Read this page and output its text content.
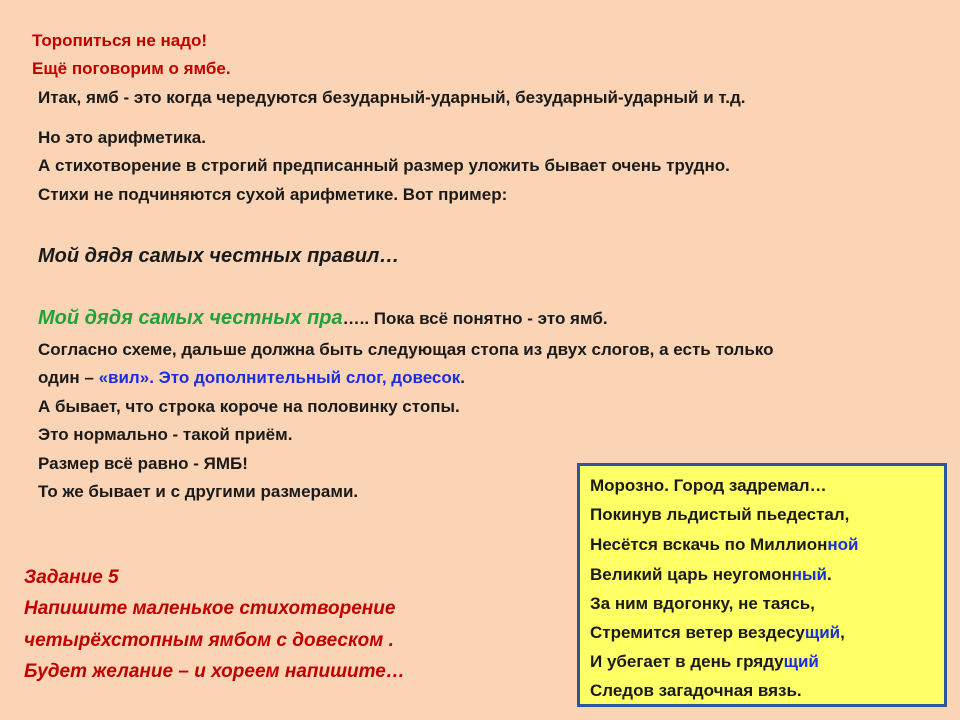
Торопиться не надо!
Ещё поговорим о ямбе.
Итак, ямб - это когда чередуются безударный-ударный, безударный-ударный и т.д.
Но это арифметика.
А стихотворение в строгий предписанный размер уложить бывает очень трудно.
Стихи не подчиняются сухой арифметике. Вот пример:
Мой дядя самых честных правил…
Мой дядя самых честных пра….. Пока всё понятно - это ямб.
Согласно схеме, дальше должна быть следующая стопа из двух слогов, а есть только
один – «вил». Это дополнительный слог, довесок.
А бывает, что строка короче на половинку стопы.
Это нормально - такой приём.
Размер всё равно - ЯМБ!
То же бывает и с другими размерами.
Задание 5
Напишите маленькое стихотворение
четырёхстопным ямбом с довеском .
Будет желание – и хореем напишите…
Морозно. Город задремал…
Покинув льдистый пьедестал,
Несётся вскачь по Миллионной
Великий царь неугомонный.
За ним вдогонку, не таясь,
Стремится ветер вездесущий,
И убегает в день грядущий
Следов загадочная вязь.
